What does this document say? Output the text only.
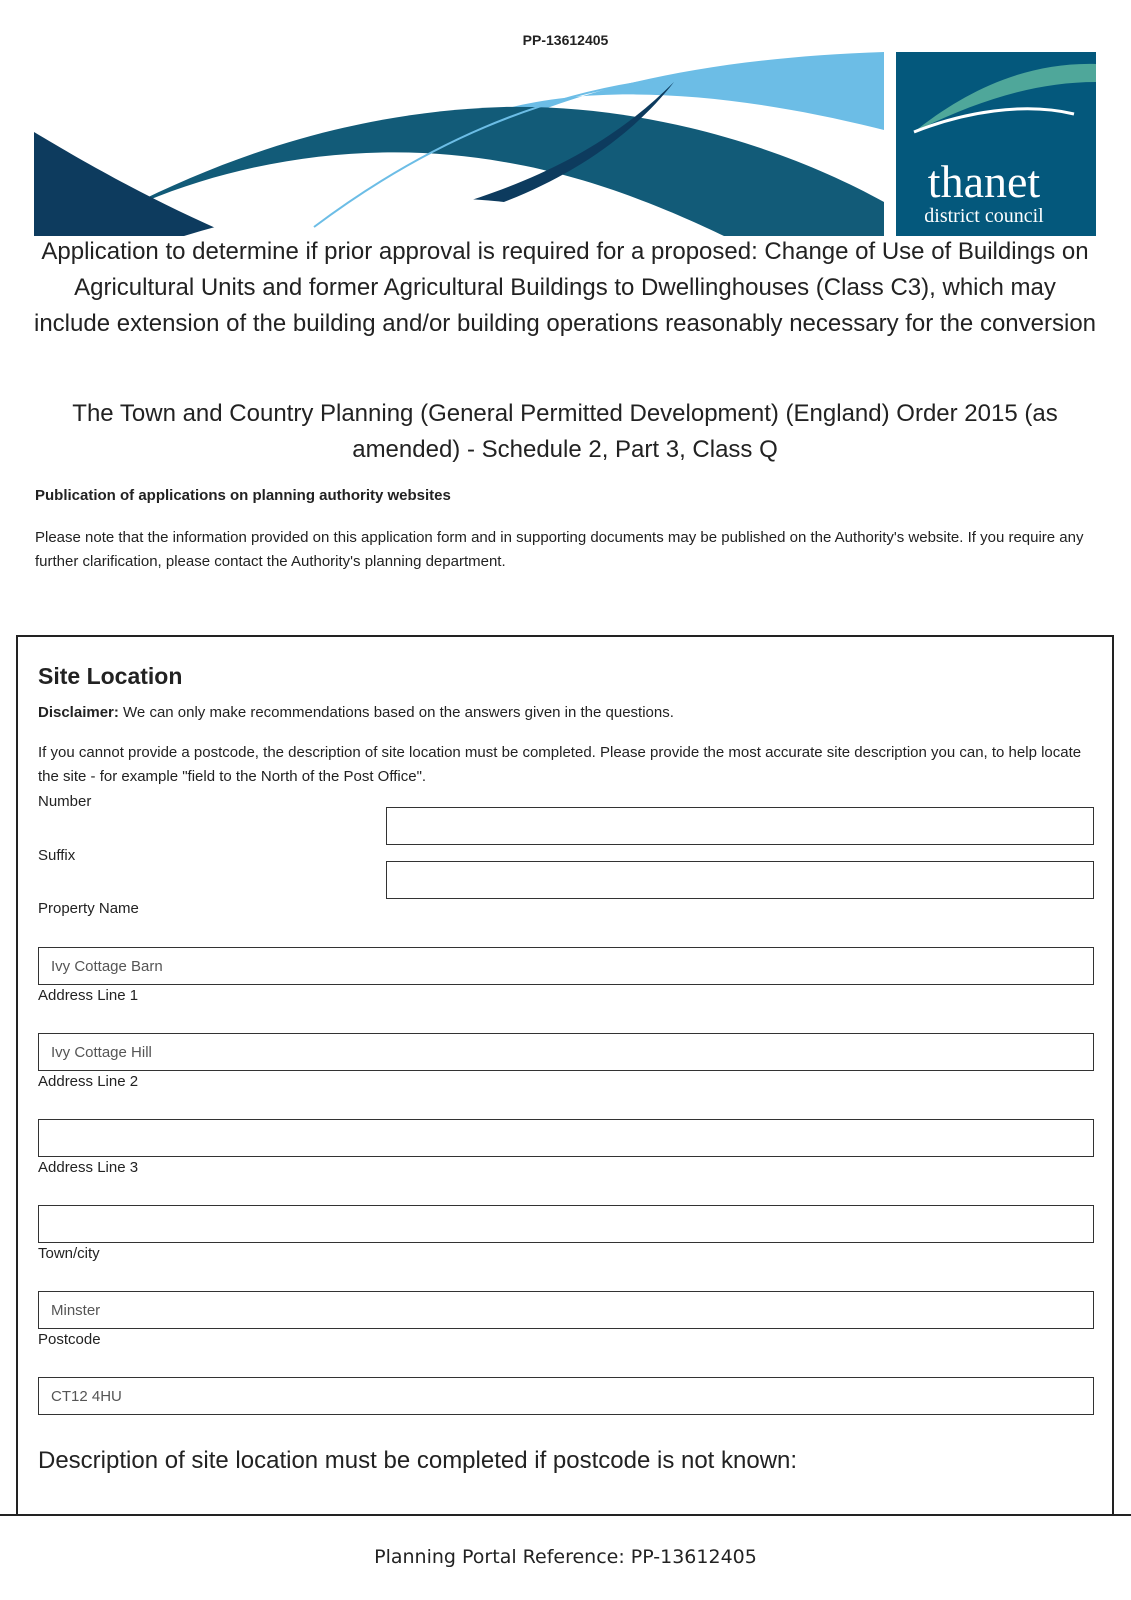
PP-13612405
thanet
district council
Application to determine if prior approval is required for a proposed: Change of Use of Buildings on Agricultural Units and former Agricultural Buildings to Dwellinghouses (Class C3), which may include extension of the building and/or building operations reasonably necessary for the conversion
The Town and Country Planning (General Permitted Development) (England) Order 2015 (as amended) - Schedule 2, Part 3, Class Q
Publication of applications on planning authority websites
Please note that the information provided on this application form and in supporting documents may be published on the Authority's website. If you require any further clarification, please contact the Authority's planning department.
Site Location
Disclaimer: We can only make recommendations based on the answers given in the questions.
If you cannot provide a postcode, the description of site location must be completed. Please provide the most accurate site description you can, to help locate the site - for example "field to the North of the Post Office".
Number
Suffix
Property Name
Ivy Cottage Barn
Address Line 1
Ivy Cottage Hill
Address Line 2
Address Line 3
Town/city
Minster
Postcode
CT12 4HU
Description of site location must be completed if postcode is not known:
Planning Portal Reference: PP-13612405
